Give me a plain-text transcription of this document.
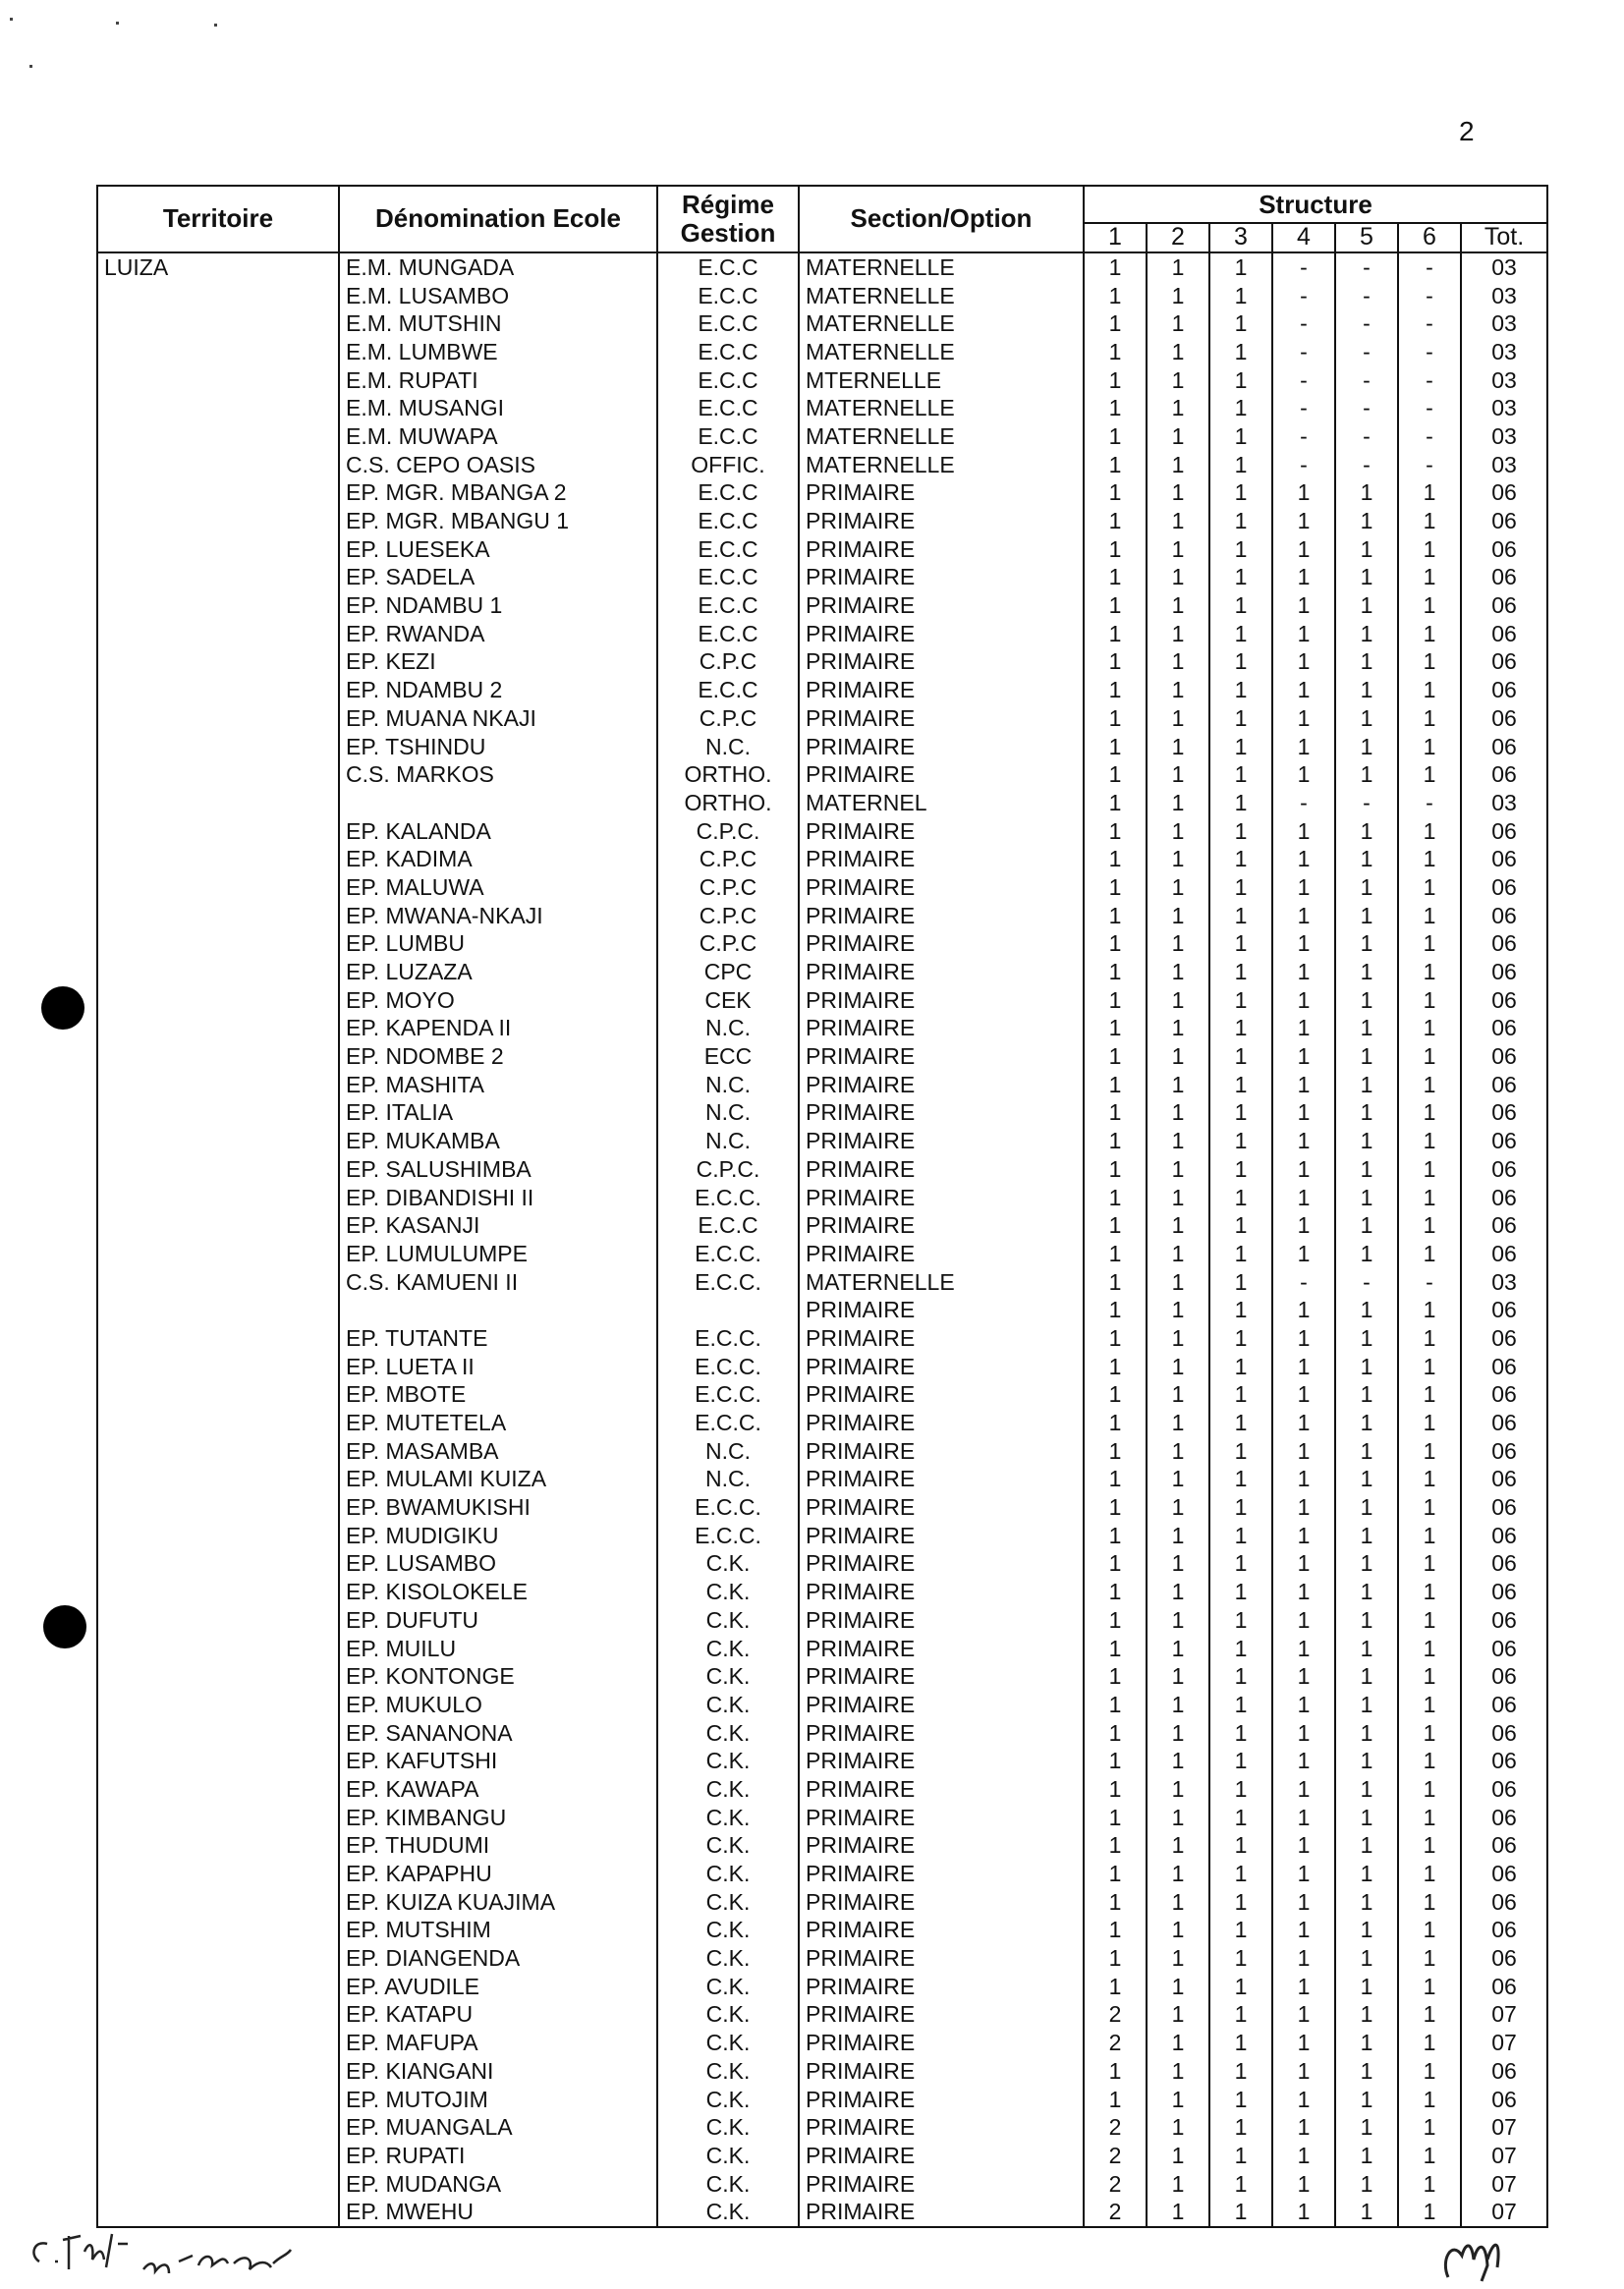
2
Territoire	Dénomination Ecole	Régime
Gestion	Section/Option	Structure						
				1	2	3	4	5	6	Tot.
LUIZA	E.M. MUNGADA	E.C.C	MATERNELLE	1	1	1	-	-	-	03
	E.M. LUSAMBO	E.C.C	MATERNELLE	1	1	1	-	-	-	03
	E.M. MUTSHIN	E.C.C	MATERNELLE	1	1	1	-	-	-	03
	E.M. LUMBWE	E.C.C	MATERNELLE	1	1	1	-	-	-	03
	E.M. RUPATI	E.C.C	MTERNELLE	1	1	1	-	-	-	03
	E.M. MUSANGI	E.C.C	MATERNELLE	1	1	1	-	-	-	03
	E.M. MUWAPA	E.C.C	MATERNELLE	1	1	1	-	-	-	03
	C.S. CEPO OASIS	OFFIC.	MATERNELLE	1	1	1	-	-	-	03
	EP. MGR. MBANGA 2	E.C.C	PRIMAIRE	1	1	1	1	1	1	06
	EP. MGR. MBANGU 1	E.C.C	PRIMAIRE	1	1	1	1	1	1	06
	EP. LUESEKA	E.C.C	PRIMAIRE	1	1	1	1	1	1	06
	EP. SADELA	E.C.C	PRIMAIRE	1	1	1	1	1	1	06
	EP. NDAMBU 1	E.C.C	PRIMAIRE	1	1	1	1	1	1	06
	EP. RWANDA	E.C.C	PRIMAIRE	1	1	1	1	1	1	06
	EP. KEZI	C.P.C	PRIMAIRE	1	1	1	1	1	1	06
	EP. NDAMBU 2	E.C.C	PRIMAIRE	1	1	1	1	1	1	06
	EP. MUANA NKAJI	C.P.C	PRIMAIRE	1	1	1	1	1	1	06
	EP. TSHINDU	N.C.	PRIMAIRE	1	1	1	1	1	1	06
	C.S. MARKOS	ORTHO.	PRIMAIRE	1	1	1	1	1	1	06
		ORTHO.	MATERNEL	1	1	1	-	-	-	03
	EP. KALANDA	C.P.C.	PRIMAIRE	1	1	1	1	1	1	06
	EP. KADIMA	C.P.C	PRIMAIRE	1	1	1	1	1	1	06
	EP. MALUWA	C.P.C	PRIMAIRE	1	1	1	1	1	1	06
	EP. MWANA-NKAJI	C.P.C	PRIMAIRE	1	1	1	1	1	1	06
	EP. LUMBU	C.P.C	PRIMAIRE	1	1	1	1	1	1	06
	EP. LUZAZA	CPC	PRIMAIRE	1	1	1	1	1	1	06
	EP. MOYO	CEK	PRIMAIRE	1	1	1	1	1	1	06
	EP. KAPENDA II	N.C.	PRIMAIRE	1	1	1	1	1	1	06
	EP. NDOMBE 2	ECC	PRIMAIRE	1	1	1	1	1	1	06
	EP. MASHITA	N.C.	PRIMAIRE	1	1	1	1	1	1	06
	EP. ITALIA	N.C.	PRIMAIRE	1	1	1	1	1	1	06
	EP. MUKAMBA	N.C.	PRIMAIRE	1	1	1	1	1	1	06
	EP. SALUSHIMBA	C.P.C.	PRIMAIRE	1	1	1	1	1	1	06
	EP. DIBANDISHI II	E.C.C.	PRIMAIRE	1	1	1	1	1	1	06
	EP. KASANJI	E.C.C	PRIMAIRE	1	1	1	1	1	1	06
	EP. LUMULUMPE	E.C.C.	PRIMAIRE	1	1	1	1	1	1	06
	C.S. KAMUENI II	E.C.C.	MATERNELLE	1	1	1	-	-	-	03
			PRIMAIRE	1	1	1	1	1	1	06
	EP. TUTANTE	E.C.C.	PRIMAIRE	1	1	1	1	1	1	06
	EP. LUETA II	E.C.C.	PRIMAIRE	1	1	1	1	1	1	06
	EP. MBOTE	E.C.C.	PRIMAIRE	1	1	1	1	1	1	06
	EP. MUTETELA	E.C.C.	PRIMAIRE	1	1	1	1	1	1	06
	EP. MASAMBA	N.C.	PRIMAIRE	1	1	1	1	1	1	06
	EP. MULAMI KUIZA	N.C.	PRIMAIRE	1	1	1	1	1	1	06
	EP. BWAMUKISHI	E.C.C.	PRIMAIRE	1	1	1	1	1	1	06
	EP. MUDIGIKU	E.C.C.	PRIMAIRE	1	1	1	1	1	1	06
	EP. LUSAMBO	C.K.	PRIMAIRE	1	1	1	1	1	1	06
	EP. KISOLOKELE	C.K.	PRIMAIRE	1	1	1	1	1	1	06
	EP. DUFUTU	C.K.	PRIMAIRE	1	1	1	1	1	1	06
	EP. MUILU	C.K.	PRIMAIRE	1	1	1	1	1	1	06
	EP. KONTONGE	C.K.	PRIMAIRE	1	1	1	1	1	1	06
	EP. MUKULO	C.K.	PRIMAIRE	1	1	1	1	1	1	06
	EP. SANANONA	C.K.	PRIMAIRE	1	1	1	1	1	1	06
	EP. KAFUTSHI	C.K.	PRIMAIRE	1	1	1	1	1	1	06
	EP. KAWAPA	C.K.	PRIMAIRE	1	1	1	1	1	1	06
	EP. KIMBANGU	C.K.	PRIMAIRE	1	1	1	1	1	1	06
	EP. THUDUMI	C.K.	PRIMAIRE	1	1	1	1	1	1	06
	EP. KAPAPHU	C.K.	PRIMAIRE	1	1	1	1	1	1	06
	EP. KUIZA KUAJIMA	C.K.	PRIMAIRE	1	1	1	1	1	1	06
	EP. MUTSHIM	C.K.	PRIMAIRE	1	1	1	1	1	1	06
	EP. DIANGENDA	C.K.	PRIMAIRE	1	1	1	1	1	1	06
	EP. AVUDILE	C.K.	PRIMAIRE	1	1	1	1	1	1	06
	EP. KATAPU	C.K.	PRIMAIRE	2	1	1	1	1	1	07
	EP. MAFUPA	C.K.	PRIMAIRE	2	1	1	1	1	1	07
	EP. KIANGANI	C.K.	PRIMAIRE	1	1	1	1	1	1	06
	EP. MUTOJIM	C.K.	PRIMAIRE	1	1	1	1	1	1	06
	EP. MUANGALA	C.K.	PRIMAIRE	2	1	1	1	1	1	07
	EP. RUPATI	C.K.	PRIMAIRE	2	1	1	1	1	1	07
	EP. MUDANGA	C.K.	PRIMAIRE	2	1	1	1	1	1	07
	EP. MWEHU	C.K.	PRIMAIRE	2	1	1	1	1	1	07
